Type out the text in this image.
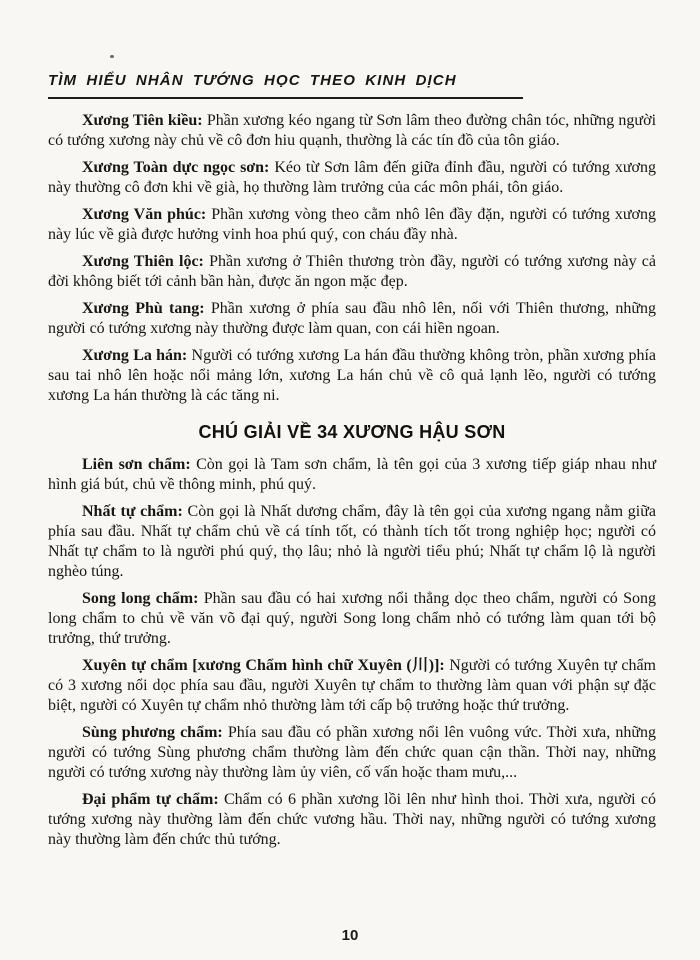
TÌM HIỂU NHÂN TƯỚNG HỌC THEO KINH DỊCH

Xương Tiên kiều: Phần xương kéo ngang từ Sơn lâm theo đường chân tóc, những người có tướng xương này chủ về cô đơn hiu quạnh, thường là các tín đồ của tôn giáo.

Xương Toàn dực ngọc sơn: Kéo từ Sơn lâm đến giữa đỉnh đầu, người có tướng xương này thường cô đơn khi về già, họ thường làm trưởng của các môn phái, tôn giáo.

Xương Văn phúc: Phần xương vòng theo cằm nhô lên đầy đặn, người có tướng xương này lúc về già được hưởng vinh hoa phú quý, con cháu đầy nhà.

Xương Thiên lộc: Phần xương ở Thiên thương tròn đầy, người có tướng xương này cả đời không biết tới cảnh bần hàn, được ăn ngon mặc đẹp.

Xương Phù tang: Phần xương ở phía sau đầu nhô lên, nối với Thiên thương, những người có tướng xương này thường được làm quan, con cái hiền ngoan.

Xương La hán: Người có tướng xương La hán đầu thường không tròn, phần xương phía sau tai nhô lên hoặc nổi mảng lớn, xương La hán chủ về cô quả lạnh lẽo, người có tướng xương La hán thường là các tăng ni.

CHÚ GIẢI VỀ 34 XƯƠNG HẬU SƠN

Liên sơn chẩm: Còn gọi là Tam sơn chẩm, là tên gọi của 3 xương tiếp giáp nhau như hình giá bút, chủ về thông minh, phú quý.

Nhất tự chẩm: Còn gọi là Nhất dương chẩm, đây là tên gọi của xương ngang nằm giữa phía sau đầu. Nhất tự chẩm chủ về cá tính tốt, có thành tích tốt trong nghiệp học; người có Nhất tự chẩm to là người phú quý, thọ lâu; nhỏ là người tiểu phú; Nhất tự chẩm lộ là người nghèo túng.

Song long chẩm: Phần sau đầu có hai xương nổi thẳng dọc theo chẩm, người có Song long chẩm to chủ về văn võ đại quý, người Song long chẩm nhỏ có tướng làm quan tới bộ trưởng, thứ trưởng.

Xuyên tự chẩm [xương Chẩm hình chữ Xuyên (川)]: Người có tướng Xuyên tự chẩm có 3 xương nổi dọc phía sau đầu, người Xuyên tự chẩm to thường làm quan với phận sự đặc biệt, người có Xuyên tự chẩm nhỏ thường làm tới cấp bộ trưởng hoặc thứ trưởng.

Sùng phương chẩm: Phía sau đầu có phần xương nổi lên vuông vức. Thời xưa, những người có tướng Sùng phương chẩm thường làm đến chức quan cận thần. Thời nay, những người có tướng xương này thường làm ủy viên, cố vấn hoặc tham mưu,...

Đại phẩm tự chẩm: Chẩm có 6 phần xương lồi lên như hình thoi. Thời xưa, người có tướng xương này thường làm đến chức vương hầu. Thời nay, những người có tướng xương này thường làm đến chức thủ tướng.

10
